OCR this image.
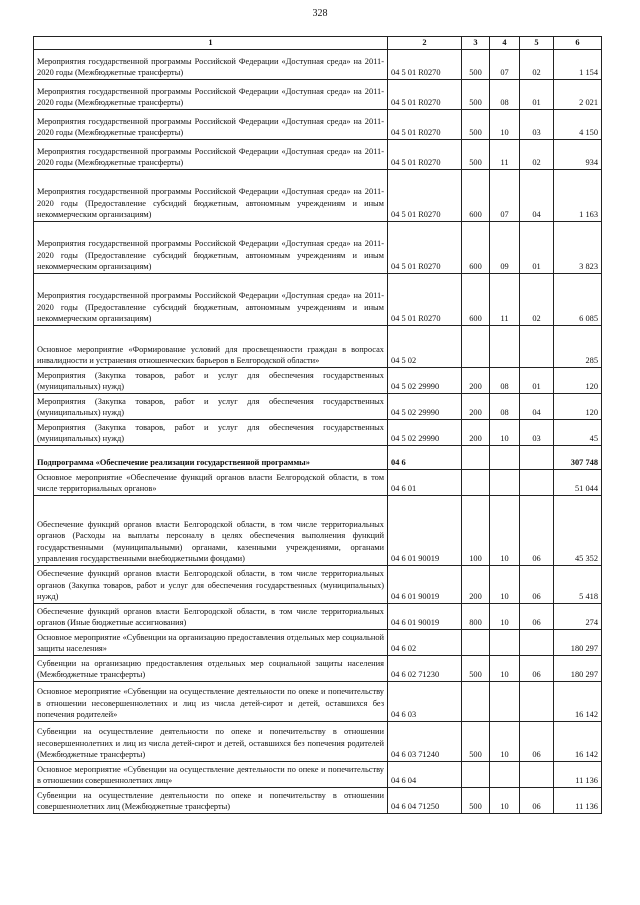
328
1	2	3	4	5	6
Мероприятия государственной программы Российской Федерации «Доступная среда» на 2011-2020 годы (Межбюджетные трансферты)	04 5 01 R0270	500	07	02	1 154
Мероприятия государственной программы Российской Федерации «Доступная среда» на 2011-2020 годы (Межбюджетные трансферты)	04 5 01 R0270	500	08	01	2 021
Мероприятия государственной программы Российской Федерации «Доступная среда» на 2011-2020 годы (Межбюджетные трансферты)	04 5 01 R0270	500	10	03	4 150
Мероприятия государственной программы Российской Федерации «Доступная среда» на 2011-2020 годы (Межбюджетные трансферты)	04 5 01 R0270	500	11	02	934
Мероприятия государственной программы Российской Федерации «Доступная среда» на 2011-2020 годы (Предоставление субсидий бюджетным, автономным учреждениям и иным некоммерческим организациям)	04 5 01 R0270	600	07	04	1 163
Мероприятия государственной программы Российской Федерации «Доступная среда» на 2011-2020 годы (Предоставление субсидий бюджетным, автономным учреждениям и иным некоммерческим организациям)	04 5 01 R0270	600	09	01	3 823
Мероприятия государственной программы Российской Федерации «Доступная среда» на 2011-2020 годы (Предоставление субсидий бюджетным, автономным учреждениям и иным некоммерческим организациям)	04 5 01 R0270	600	11	02	6 085
Основное мероприятие «Формирование условий для просвещенности граждан в вопросах инвалидности и устранения отношенческих барьеров в Белгородской области»	04 5 02				285
Мероприятия (Закупка товаров, работ и услуг для обеспечения государственных (муниципальных) нужд)	04 5 02 29990	200	08	01	120
Мероприятия (Закупка товаров, работ и услуг для обеспечения государственных (муниципальных) нужд)	04 5 02 29990	200	08	04	120
Мероприятия (Закупка товаров, работ и услуг для обеспечения государственных (муниципальных) нужд)	04 5 02 29990	200	10	03	45
Подпрограмма «Обеспечение реализации государственной программы»	04 6				307 748
Основное мероприятие «Обеспечение функций органов власти Белгородской области, в том числе территориальных органов»	04 6 01				51 044
Обеспечение функций органов власти Белгородской области, в том числе территориальных органов (Расходы на выплаты персоналу в целях обеспечения выполнения функций государственными (муниципальными) органами, казенными учреждениями, органами управления государственными внебюджетными фондами)	04 6 01 90019	100	10	06	45 352
Обеспечение функций органов власти Белгородской области, в том числе территориальных органов (Закупка товаров, работ и услуг для обеспечения государственных (муниципальных) нужд)	04 6 01 90019	200	10	06	5 418
Обеспечение функций органов власти Белгородской области, в том числе территориальных органов (Иные бюджетные ассигнования)	04 6 01 90019	800	10	06	274
Основное мероприятие «Субвенции на организацию предоставления отдельных мер социальной защиты населения»	04 6 02				180 297
Субвенции на организацию предоставления отдельных мер социальной защиты населения (Межбюджетные трансферты)	04 6 02 71230	500	10	06	180 297
Основное мероприятие «Субвенции на осуществление деятельности по опеке и попечительству в отношении несовершеннолетних и лиц из числа детей-сирот и детей, оставшихся без попечения родителей»	04 6 03				16 142
Субвенции на осуществление деятельности по опеке и попечительству в отношении несовершеннолетних и лиц из числа детей-сирот и детей, оставшихся без попечения родителей (Межбюджетные трансферты)	04 6 03 71240	500	10	06	16 142
Основное мероприятие «Субвенции на осуществление деятельности по опеке и попечительству в отношении совершеннолетних лиц»	04 6 04				11 136
Субвенции на осуществление деятельности по опеке и попечительству в отношении совершеннолетних лиц (Межбюджетные трансферты)	04 6 04 71250	500	10	06	11 136
